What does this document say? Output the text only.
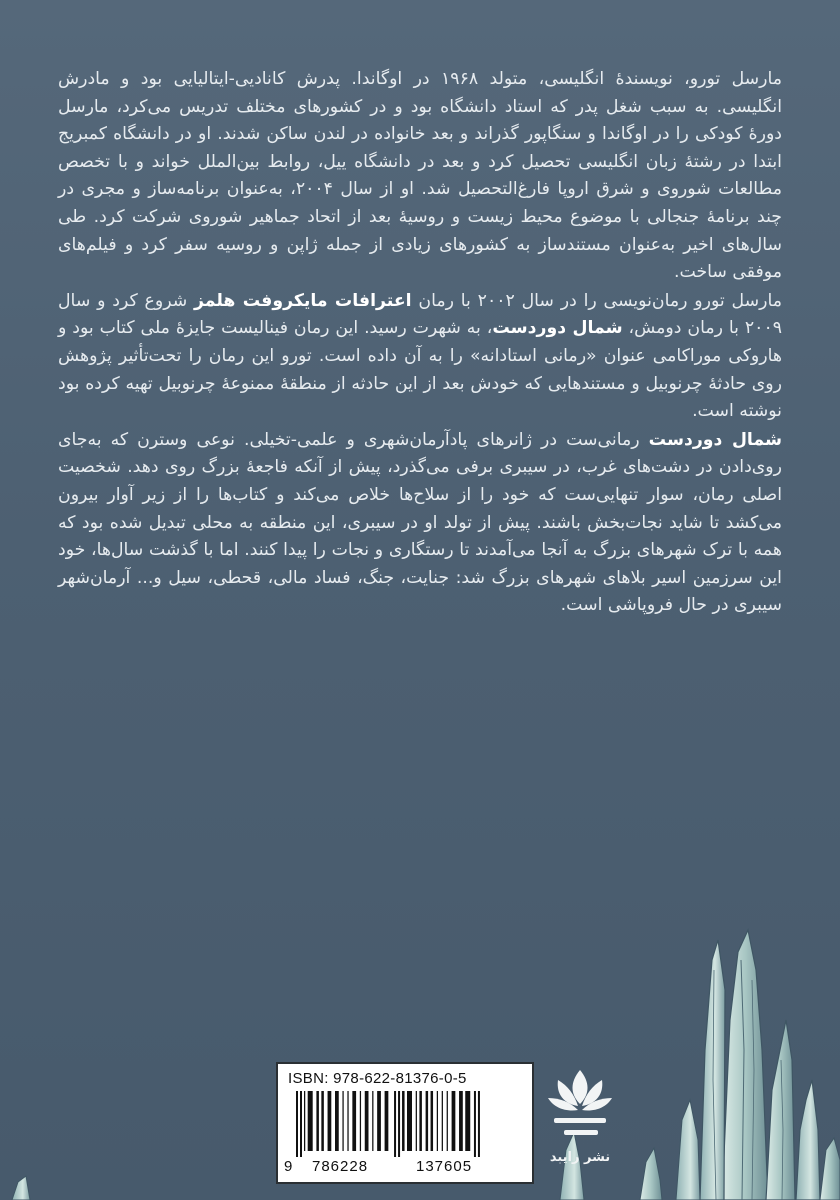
مارسل تورو، نویسندهٔ انگلیسی، متولد ۱۹۶۸ در اوگاندا. پدرش کانادیی-ایتالیایی بود و مادرش انگلیسی. به سبب شغل پدر که استاد دانشگاه بود و در کشورهای مختلف تدریس می‌کرد، مارسل دورهٔ کودکی را در اوگاندا و سنگاپور گذراند و بعد خانواده در لندن ساکن شدند. او در دانشگاه کمبریج ابتدا در رشتهٔ زبان انگلیسی تحصیل کرد و بعد در دانشگاه ییل، روابط بین‌الملل خواند و با تخصص مطالعات شوروی و شرق اروپا فارغ‌التحصیل شد. او از سال ۲۰۰۴، به‌عنوان برنامه‌ساز و مجری در چند برنامهٔ جنجالی با موضوع محیط زیست و روسیهٔ بعد از اتحاد جماهیر شوروی شرکت کرد. طی سال‌های اخیر به‌عنوان مستندساز به کشورهای زیادی از جمله ژاپن و روسیه سفر کرد و فیلم‌های موفقی ساخت.

مارسل تورو رمان‌نویسی را در سال ۲۰۰۲ با رمان اعترافات مایکروفت هلمز شروع کرد و سال ۲۰۰۹ با رمان دومش، شمال دوردست، به شهرت رسید. این رمان فینالیست جایزهٔ ملی کتاب بود و هاروکی موراکامی عنوان «رمانی استادانه» را به آن داده است. تورو این رمان را تحت‌تأثیر پژوهش روی حادثهٔ چرنوبیل و مستندهایی که خودش بعد از این حادثه از منطقهٔ ممنوعهٔ چرنوبیل تهیه کرده بود نوشته است.

شمال دوردست رمانی‌ست در ژانرهای پادآرمان‌شهری و علمی-تخیلی. نوعی وسترن که به‌جای روی‌دادن در دشت‌های غرب، در سیبری برفی می‌گذرد، پیش از آنکه فاجعهٔ بزرگ روی دهد. شخصیت اصلی رمان، سوار تنهایی‌ست که خود را از سلاح‌ها خلاص می‌کند و کتاب‌ها را از زیر آوار بیرون می‌کشد تا شاید نجات‌بخش باشند. پیش از تولد او در سیبری، این منطقه به محلی تبدیل شده بود که همه با ترک شهرهای بزرگ به آنجا می‌آمدند تا رستگاری و نجات را پیدا کنند. اما با گذشت سال‌ها، خود این سرزمین اسیر بلاهای شهرهای بزرگ شد: جنایت، جنگ، فساد مالی، قحطی، سیل و... آرمان‌شهر سیبری در حال فروپاشی است.

ISBN: 978-622-81376-0-5
9 786228	137605
نشر رایبد
